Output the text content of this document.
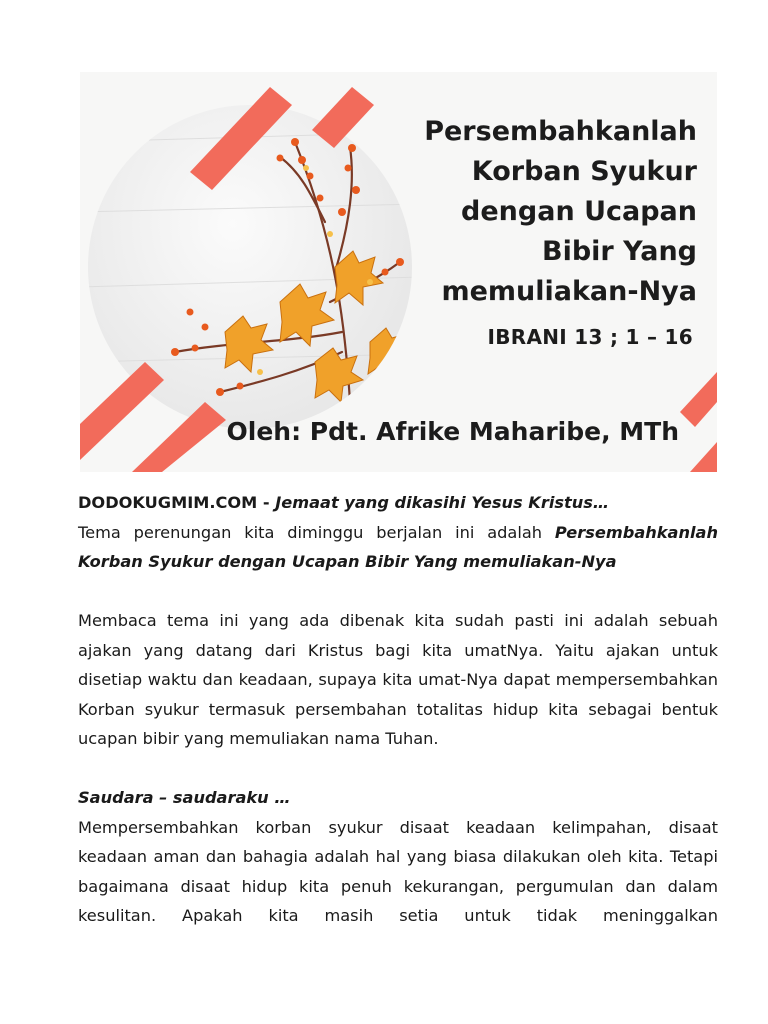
Persembahkanlah
Korban Syukur
dengan Ucapan
Bibir Yang
memuliakan-Nya
IBRANI 13 ; 1 – 16
Oleh: Pdt. Afrike Maharibe, MTh

DODOKUGMIM.COM - Jemaat yang dikasihi Yesus Kristus…

Tema perenungan kita diminggu berjalan ini adalah Persembahkanlah Korban Syukur dengan Ucapan Bibir Yang memuliakan-Nya

Membaca tema ini yang ada dibenak kita sudah pasti ini adalah sebuah ajakan yang datang dari Kristus bagi kita umatNya. Yaitu ajakan untuk disetiap waktu dan keadaan, supaya kita umat-Nya dapat mempersembahkan Korban syukur termasuk persembahan totalitas hidup kita sebagai bentuk ucapan bibir yang memuliakan nama Tuhan.

Saudara – saudaraku …

Mempersembahkan korban syukur disaat keadaan kelimpahan, disaat keadaan aman dan bahagia adalah hal yang biasa dilakukan oleh kita. Tetapi bagaimana disaat hidup kita penuh kekurangan, pergumulan dan dalam kesulitan. Apakah kita masih setia untuk tidak meninggalkan
